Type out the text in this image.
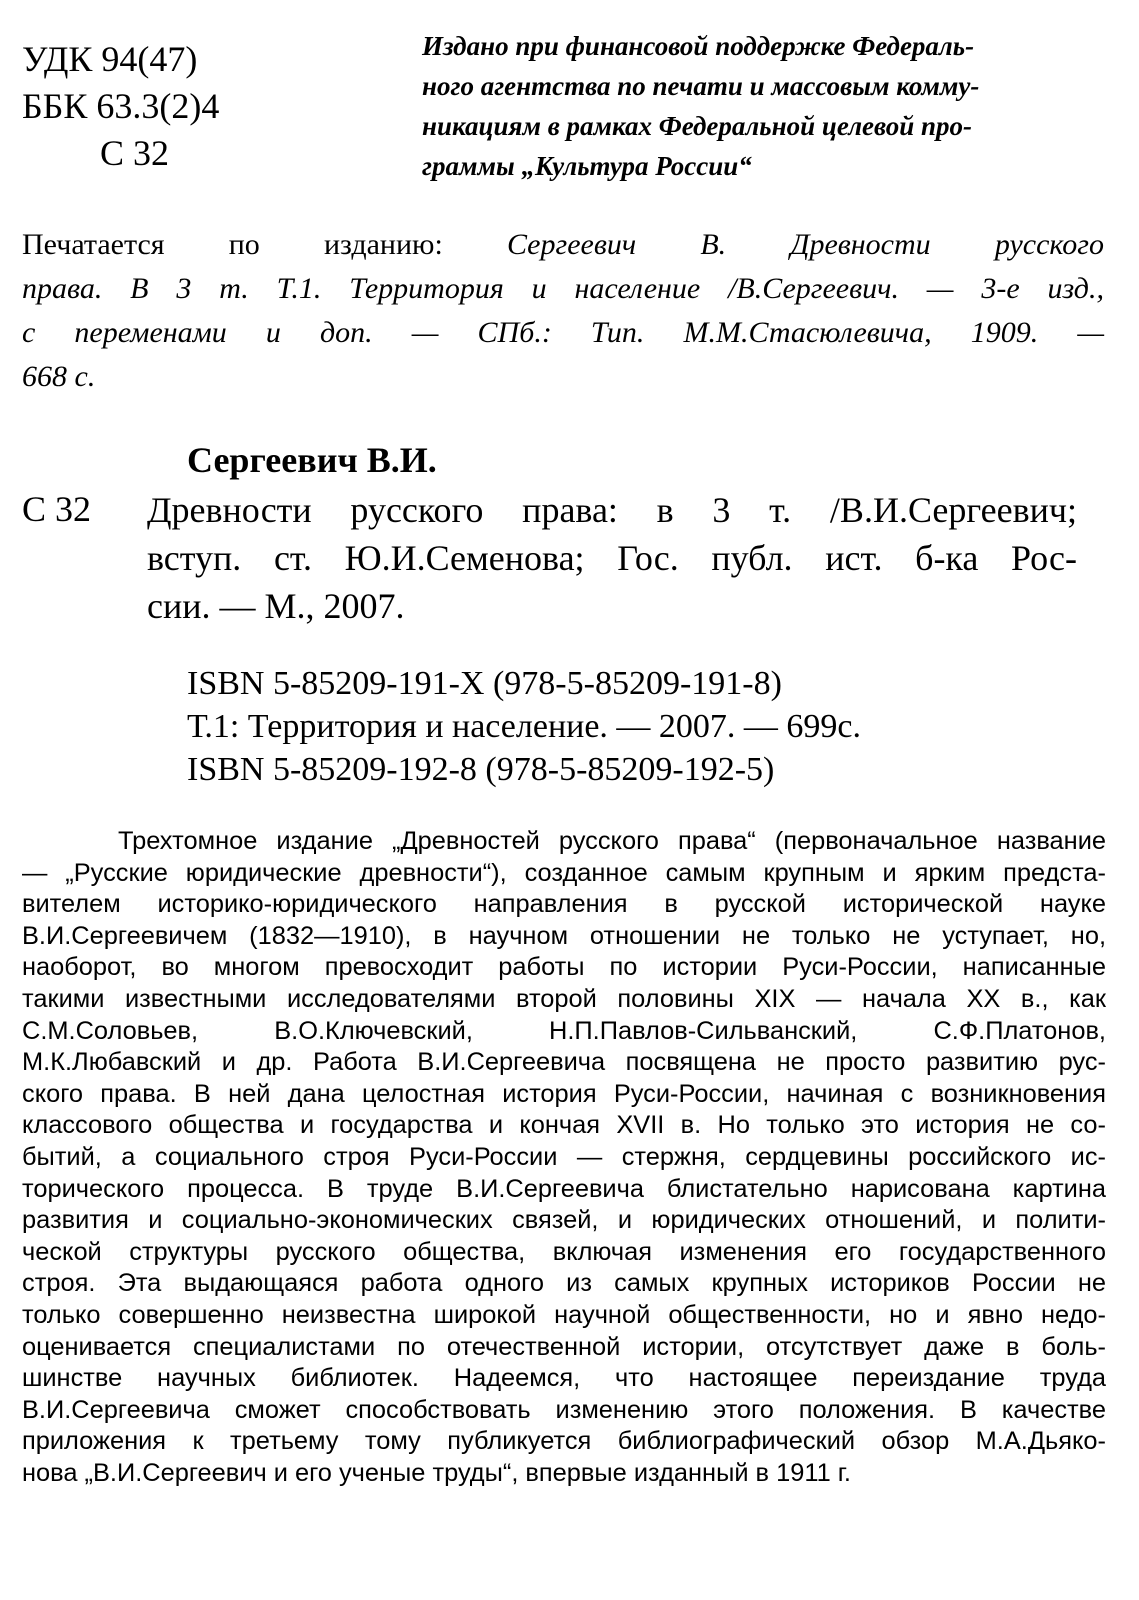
УДК 94(47)
ББК 63.3(2)4
С 32
Издано при финансовой поддержке Федераль-
ного агентства по печати и массовым комму-
никациям в рамках Федеральной целевой про-
граммы „Культура России“
Печатается по изданию: Сергеевич В. Древности русского
права. В 3 т. Т.1. Территория и население /В.Сергеевич. — 3-е изд.,
с переменами и доп. — СПб.: Тип. М.М.Стасюлевича, 1909. —
668 с.
Сергеевич В.И.
С 32 Древности русского права: в 3 т. /В.И.Сергеевич;
вступ. ст. Ю.И.Семенова; Гос. публ. ист. б-ка Рос-
сии. — М., 2007.
ISBN 5-85209-191-X (978-5-85209-191-8)
Т.1: Территория и население. — 2007. — 699с.
ISBN 5-85209-192-8 (978-5-85209-192-5)
Трехтомное издание „Древностей русского права“ (первоначальное название
— „Русские юридические древности“), созданное самым крупным и ярким предста-
вителем историко-юридического направления в русской исторической науке
В.И.Сергеевичем (1832—1910), в научном отношении не только не уступает, но,
наоборот, во многом превосходит работы по истории Руси-России, написанные
такими известными исследователями второй половины XIX — начала XX в., как
С.М.Соловьев, В.О.Ключевский, Н.П.Павлов-Сильванский, С.Ф.Платонов,
М.К.Любавский и др. Работа В.И.Сергеевича посвящена не просто развитию рус-
ского права. В ней дана целостная история Руси-России, начиная с возникновения
классового общества и государства и кончая XVII в. Но только это история не со-
бытий, а социального строя Руси-России — стержня, сердцевины российского ис-
торического процесса. В труде В.И.Сергеевича блистательно нарисована картина
развития и социально-экономических связей, и юридических отношений, и полити-
ческой структуры русского общества, включая изменения его государственного
строя. Эта выдающаяся работа одного из самых крупных историков России не
только совершенно неизвестна широкой научной общественности, но и явно недо-
оценивается специалистами по отечественной истории, отсутствует даже в боль-
шинстве научных библиотек. Надеемся, что настоящее переиздание труда
В.И.Сергеевича сможет способствовать изменению этого положения. В качестве
приложения к третьему тому публикуется библиографический обзор М.А.Дьяко-
нова „В.И.Сергеевич и его ученые труды“, впервые изданный в 1911 г.
